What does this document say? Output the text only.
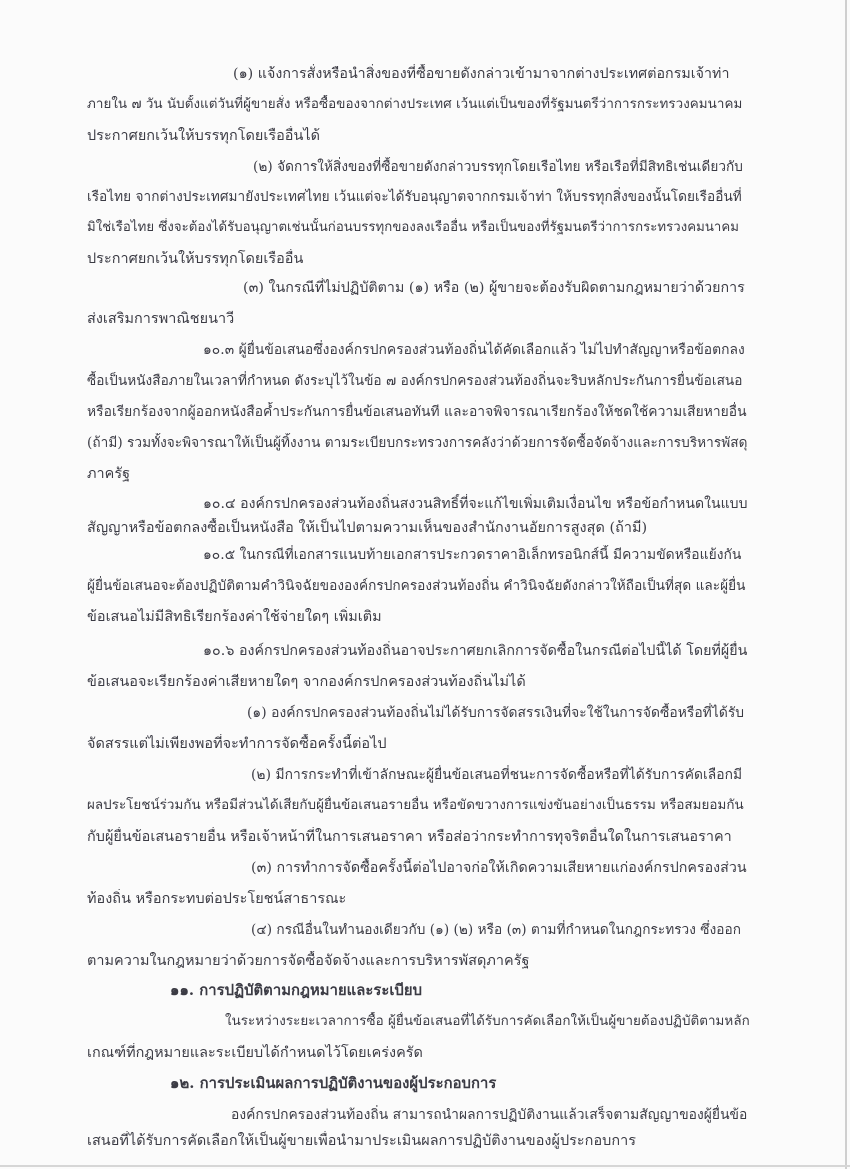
(๑) แจ้งการสั่งหรือนำสิ่งของที่ซื้อขายดังกล่าวเข้ามาจากต่างประเทศต่อกรมเจ้าท่า
ภายใน ๗ วัน นับตั้งแต่วันที่ผู้ขายสั่ง หรือซื้อของจากต่างประเทศ เว้นแต่เป็นของที่รัฐมนตรีว่าการกระทรวงคมนาคม
ประกาศยกเว้นให้บรรทุกโดยเรืออื่นได้
(๒) จัดการให้สิ่งของที่ซื้อขายดังกล่าวบรรทุกโดยเรือไทย หรือเรือที่มีสิทธิเช่นเดียวกับ
เรือไทย จากต่างประเทศมายังประเทศไทย เว้นแต่จะได้รับอนุญาตจากกรมเจ้าท่า ให้บรรทุกสิ่งของนั้นโดยเรืออื่นที่
มิใช่เรือไทย ซึ่งจะต้องได้รับอนุญาตเช่นนั้นก่อนบรรทุกของลงเรืออื่น หรือเป็นของที่รัฐมนตรีว่าการกระทรวงคมนาคม
ประกาศยกเว้นให้บรรทุกโดยเรืออื่น
(๓) ในกรณีที่ไม่ปฏิบัติตาม (๑) หรือ (๒) ผู้ขายจะต้องรับผิดตามกฎหมายว่าด้วยการ
ส่งเสริมการพาณิชยนาวี
๑๐.๓ ผู้ยื่นข้อเสนอซึ่งองค์กรปกครองส่วนท้องถิ่นได้คัดเลือกแล้ว ไม่ไปทำสัญญาหรือข้อตกลง
ซื้อเป็นหนังสือภายในเวลาที่กำหนด ดังระบุไว้ในข้อ ๗ องค์กรปกครองส่วนท้องถิ่นจะริบหลักประกันการยื่นข้อเสนอ
หรือเรียกร้องจากผู้ออกหนังสือค้ำประกันการยื่นข้อเสนอทันที และอาจพิจารณาเรียกร้องให้ชดใช้ความเสียหายอื่น
(ถ้ามี) รวมทั้งจะพิจารณาให้เป็นผู้ทิ้งงาน ตามระเบียบกระทรวงการคลังว่าด้วยการจัดซื้อจัดจ้างและการบริหารพัสดุ
ภาครัฐ
๑๐.๔ องค์กรปกครองส่วนท้องถิ่นสงวนสิทธิ์ที่จะแก้ไขเพิ่มเติมเงื่อนไข หรือข้อกำหนดในแบบ
สัญญาหรือข้อตกลงซื้อเป็นหนังสือ ให้เป็นไปตามความเห็นของสำนักงานอัยการสูงสุด (ถ้ามี)
๑๐.๕ ในกรณีที่เอกสารแนบท้ายเอกสารประกวดราคาอิเล็กทรอนิกส์นี้ มีความขัดหรือแย้งกัน
ผู้ยื่นข้อเสนอจะต้องปฏิบัติตามคำวินิจฉัยขององค์กรปกครองส่วนท้องถิ่น คำวินิจฉัยดังกล่าวให้ถือเป็นที่สุด และผู้ยื่น
ข้อเสนอไม่มีสิทธิเรียกร้องค่าใช้จ่ายใดๆ เพิ่มเติม
๑๐.๖ องค์กรปกครองส่วนท้องถิ่นอาจประกาศยกเลิกการจัดซื้อในกรณีต่อไปนี้ได้ โดยที่ผู้ยื่น
ข้อเสนอจะเรียกร้องค่าเสียหายใดๆ จากองค์กรปกครองส่วนท้องถิ่นไม่ได้
(๑) องค์กรปกครองส่วนท้องถิ่นไม่ได้รับการจัดสรรเงินที่จะใช้ในการจัดซื้อหรือที่ได้รับ
จัดสรรแต่ไม่เพียงพอที่จะทำการจัดซื้อครั้งนี้ต่อไป
(๒) มีการกระทำที่เข้าลักษณะผู้ยื่นข้อเสนอที่ชนะการจัดซื้อหรือที่ได้รับการคัดเลือกมี
ผลประโยชน์ร่วมกัน หรือมีส่วนได้เสียกับผู้ยื่นข้อเสนอรายอื่น หรือขัดขวางการแข่งขันอย่างเป็นธรรม หรือสมยอมกัน
กับผู้ยื่นข้อเสนอรายอื่น หรือเจ้าหน้าที่ในการเสนอราคา หรือส่อว่ากระทำการทุจริตอื่นใดในการเสนอราคา
(๓) การทำการจัดซื้อครั้งนี้ต่อไปอาจก่อให้เกิดความเสียหายแก่องค์กรปกครองส่วน
ท้องถิ่น หรือกระทบต่อประโยชน์สาธารณะ
(๔) กรณีอื่นในทำนองเดียวกับ (๑) (๒) หรือ (๓) ตามที่กำหนดในกฎกระทรวง ซึ่งออก
ตามความในกฎหมายว่าด้วยการจัดซื้อจัดจ้างและการบริหารพัสดุภาครัฐ
๑๑. การปฏิบัติตามกฎหมายและระเบียบ
ในระหว่างระยะเวลาการซื้อ ผู้ยื่นข้อเสนอที่ได้รับการคัดเลือกให้เป็นผู้ขายต้องปฏิบัติตามหลัก
เกณฑ์ที่กฎหมายและระเบียบได้กำหนดไว้โดยเคร่งครัด
๑๒. การประเมินผลการปฏิบัติงานของผู้ประกอบการ
องค์กรปกครองส่วนท้องถิ่น สามารถนำผลการปฏิบัติงานแล้วเสร็จตามสัญญาของผู้ยื่นข้อ
เสนอที่ได้รับการคัดเลือกให้เป็นผู้ขายเพื่อนำมาประเมินผลการปฏิบัติงานของผู้ประกอบการ
